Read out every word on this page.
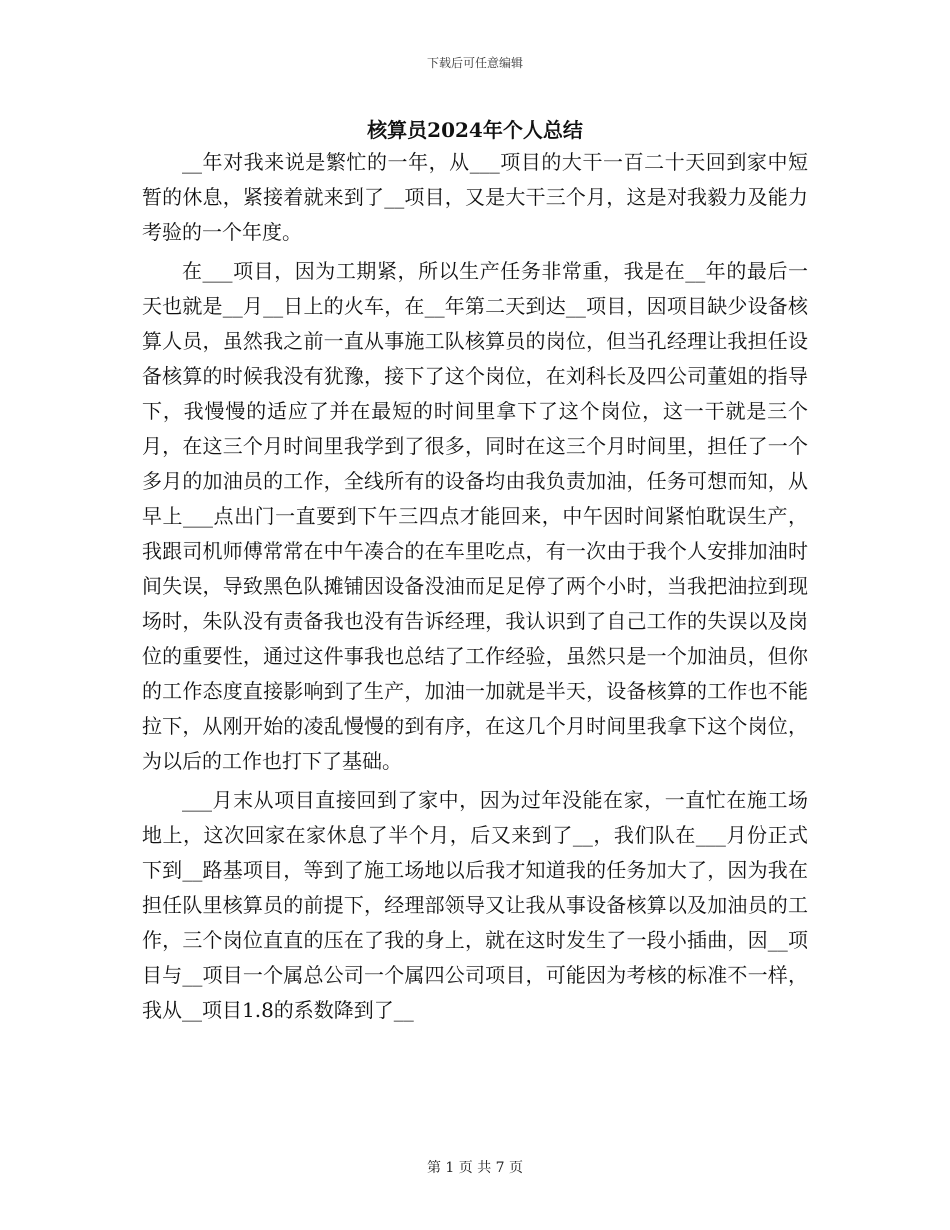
下载后可任意编辑
核算员2024年个人总结

__年对我来说是繁忙的一年，从___项目的大干一百二十天回到家中短暂的休息，紧接着就来到了__项目，又是大干三个月，这是对我毅力及能力考验的一个年度。

在___项目，因为工期紧，所以生产任务非常重，我是在__年的最后一天也就是__月__日上的火车，在__年第二天到达__项目，因项目缺少设备核算人员，虽然我之前一直从事施工队核算员的岗位，但当孔经理让我担任设备核算的时候我没有犹豫，接下了这个岗位，在刘科长及四公司董姐的指导下，我慢慢的适应了并在最短的时间里拿下了这个岗位，这一干就是三个月，在这三个月时间里我学到了很多，同时在这三个月时间里，担任了一个多月的加油员的工作，全线所有的设备均由我负责加油，任务可想而知，从早上___点出门一直要到下午三四点才能回来，中午因时间紧怕耽误生产，我跟司机师傅常常在中午凑合的在车里吃点，有一次由于我个人安排加油时间失误，导致黑色队摊铺因设备没油而足足停了两个小时，当我把油拉到现场时，朱队没有责备我也没有告诉经理，我认识到了自己工作的失误以及岗位的重要性，通过这件事我也总结了工作经验，虽然只是一个加油员，但你的工作态度直接影响到了生产，加油一加就是半天，设备核算的工作也不能拉下，从刚开始的凌乱慢慢的到有序，在这几个月时间里我拿下这个岗位，为以后的工作也打下了基础。

___月末从项目直接回到了家中，因为过年没能在家，一直忙在施工场地上，这次回家在家休息了半个月，后又来到了__，我们队在___月份正式下到__路基项目，等到了施工场地以后我才知道我的任务加大了，因为我在担任队里核算员的前提下，经理部领导又让我从事设备核算以及加油员的工作，三个岗位直直的压在了我的身上，就在这时发生了一段小插曲，因__项目与__项目一个属总公司一个属四公司项目，可能因为考核的标准不一样，我从__项目1.8的系数降到了__

第 1 页 共 7 页
